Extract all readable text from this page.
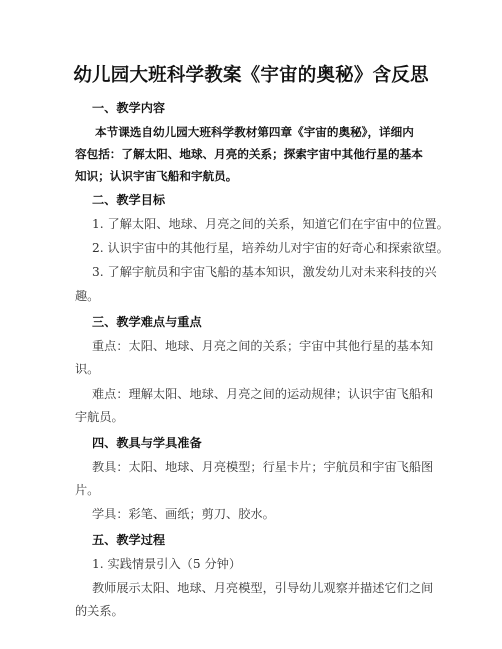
幼儿园大班科学教案《宇宙的奥秘》含反思
一、教学内容
本节课选自幼儿园大班科学教材第四章《宇宙的奥秘》，详细内
容包括：了解太阳、地球、月亮的关系；探索宇宙中其他行星的基本
知识；认识宇宙飞船和宇航员。
二、教学目标
1. 了解太阳、地球、月亮之间的关系，知道它们在宇宙中的位置。
2. 认识宇宙中的其他行星，培养幼儿对宇宙的好奇心和探索欲望。
3. 了解宇航员和宇宙飞船的基本知识，激发幼儿对未来科技的兴
趣。
三、教学难点与重点
重点：太阳、地球、月亮之间的关系；宇宙中其他行星的基本知
识。
难点：理解太阳、地球、月亮之间的运动规律；认识宇宙飞船和
宇航员。
四、教具与学具准备
教具：太阳、地球、月亮模型；行星卡片；宇航员和宇宙飞船图
片。
学具：彩笔、画纸；剪刀、胶水。
五、教学过程
1. 实践情景引入（5 分钟）
教师展示太阳、地球、月亮模型，引导幼儿观察并描述它们之间
的关系。
